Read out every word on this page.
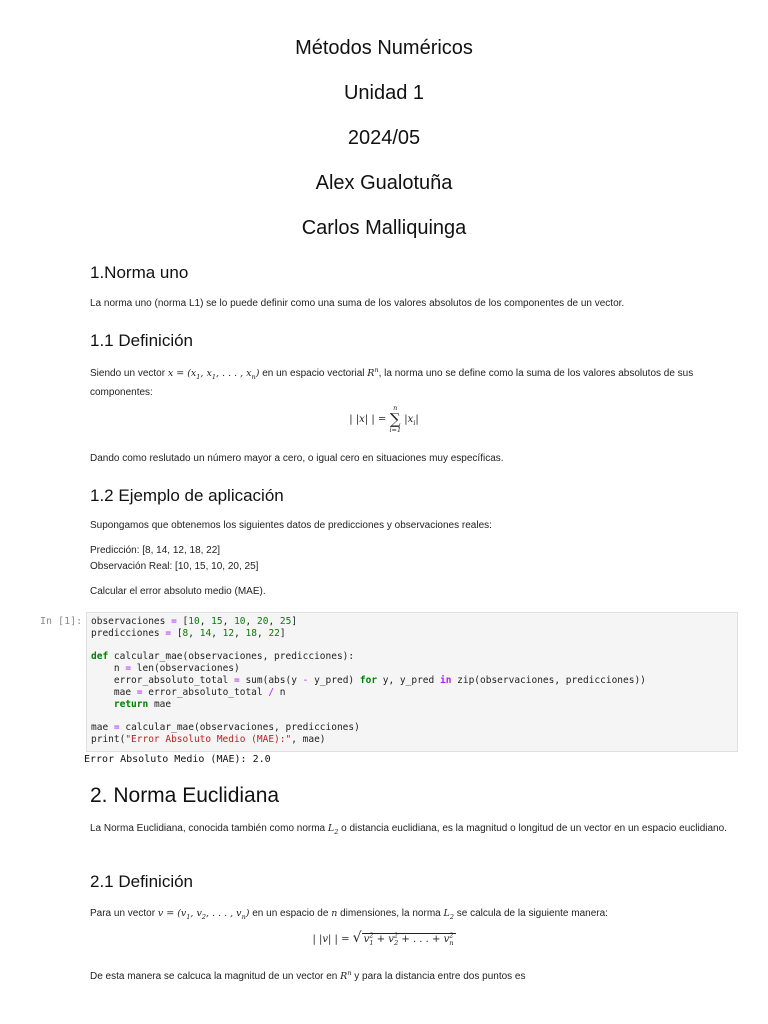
Métodos Numéricos
Unidad 1
2024/05
Alex Gualotuña
Carlos Malliquinga
1.Norma uno

La norma uno (norma L1) se lo puede definir como una suma de los valores absolutos de los componentes de un vector.

1.1 Definición

Siendo un vector $x = (x_1$, $x_1$, . . . , $x_n$) en un espacio vectorial $R^n$, la norma uno se define como la suma de los valores absolutos de sus componentes:

| |x| | =
n
∑
i=1
$|x_i|$

Dando como reslutado un número mayor a cero, o igual cero en situaciones muy específicas.

1.2 Ejemplo de aplicación

Supongamos que obtenemos los siguientes datos de predicciones y observaciones reales:

Predicción: [8, 14, 12, 18, 22]

Observación Real: [10, 15, 10, 20, 25]

Calcular el error absoluto medio (MAE).

In [1]: observaciones = [10, 15, 10, 20, 25]
predicciones = [8, 14, 12, 18, 22]

def calcular_mae(observaciones, predicciones):
n = len(observaciones)
error_absoluto_total = sum(abs(y - y_pred) for y, y_pred in zip(observaciones, predicciones))
mae = error_absoluto_total / n
return mae

mae = calcular_mae(observaciones, predicciones)
print("Error Absoluto Medio (MAE):", mae)
Error Absoluto Medio (MAE): 2.0
2. Norma Euclidiana

La Norma Euclidiana, conocida también como norma $L_2$ o distancia euclidiana, es la magnitud o longitud de un vector en un espacio euclidiano.

2.1 Definición

Para un vector $v = (v_1$, $v_2$, . . . , $v_n$) en un espacio de n dimensiones, la norma $L_2$ se calcula de la siguiente manera:

| |v| | = √ $v^2_1 + v^2_2$ + . . . + $v^2_n$

De esta manera se calcuca la magnitud de un vector en $R^n$ y para la distancia entre dos puntos es
